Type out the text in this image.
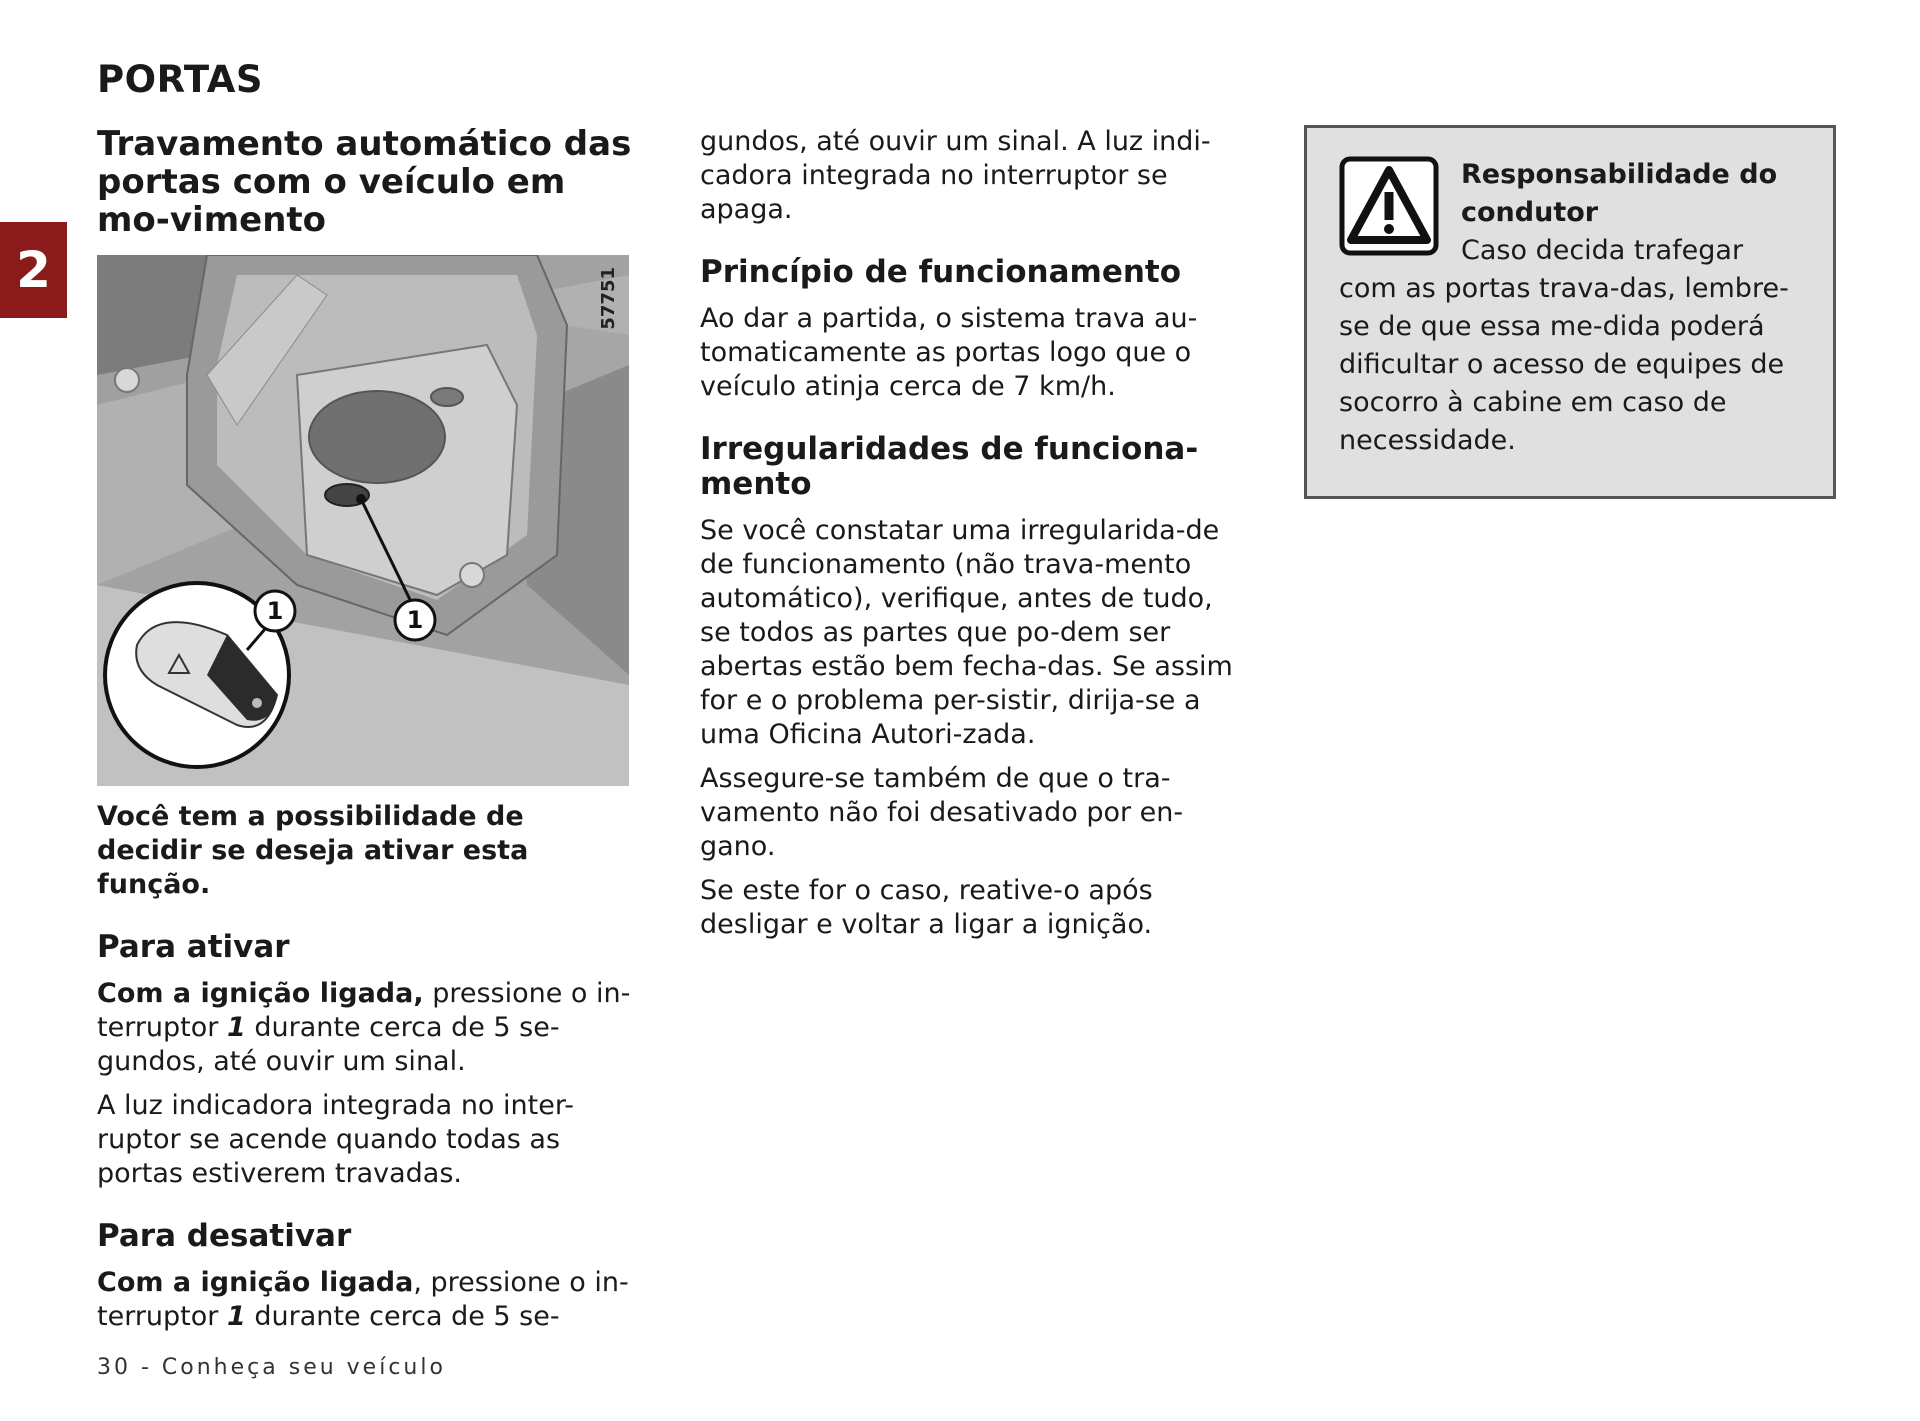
PORTAS
2
Travamento automático das portas com o veículo em mo-vimento
1
1
57751

Você tem a possibilidade de decidir se deseja ativar esta função.

Para ativar

Com a ignição ligada, pressione o in-terruptor 1 durante cerca de 5 se-gundos, até ouvir um sinal.

A luz indicadora integrada no inter-ruptor se acende quando todas as portas estiverem travadas.

Para desativar

Com a ignição ligada, pressione o in-terruptor 1 durante cerca de 5 se-

gundos, até ouvir um sinal. A luz indi-cadora integrada no interruptor se apaga.

Princípio de funcionamento

Ao dar a partida, o sistema trava au-tomaticamente as portas logo que o veículo atinja cerca de 7 km/h.

Irregularidades de funciona-mento

Se você constatar uma irregularida-de de funcionamento (não trava-mento automático), verifique, antes de tudo, se todos as partes que po-dem ser abertas estão bem fecha-das. Se assim for e o problema per-sistir, dirija-se a uma Oficina Autori-zada.

Assegure-se também de que o tra-vamento não foi desativado por en-gano.

Se este for o caso, reative-o após desligar e voltar a ligar a ignição.

Responsabilidade do condutor

Caso decida trafegar com as portas trava-das, lembre-se de que essa me-dida poderá dificultar o acesso de equipes de socorro à cabine em caso de necessidade.

30 - Conheça seu veículo
